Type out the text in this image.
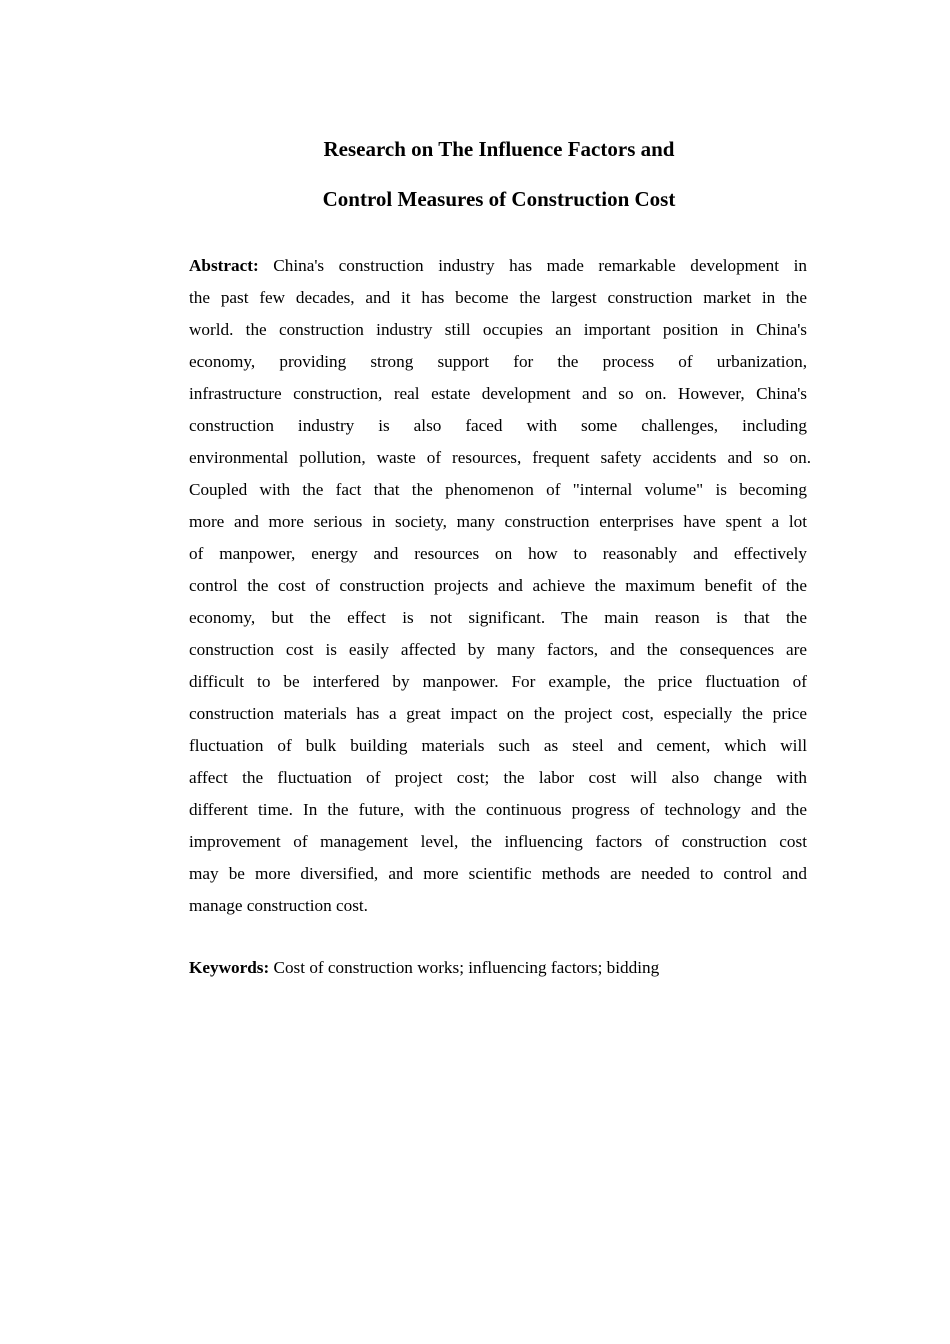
Research on The Influence Factors and
Control Measures of Construction Cost
Abstract: China's construction industry has made remarkable development in
the past few decades, and it has become the largest construction market in the
world. the construction industry still occupies an important position in China's
economy, providing strong support for the process of urbanization,
infrastructure construction, real estate development and so on. However, China's
construction industry is also faced with some challenges, including
environmental pollution, waste of resources, frequent safety accidents and so on.
Coupled with the fact that the phenomenon of "internal volume" is becoming
more and more serious in society, many construction enterprises have spent a lot
of manpower, energy and resources on how to reasonably and effectively
control the cost of construction projects and achieve the maximum benefit of the
economy, but the effect is not significant. The main reason is that the
construction cost is easily affected by many factors, and the consequences are
difficult to be interfered by manpower. For example, the price fluctuation of
construction materials has a great impact on the project cost, especially the price
fluctuation of bulk building materials such as steel and cement, which will
affect the fluctuation of project cost; the labor cost will also change with
different time. In the future, with the continuous progress of technology and the
improvement of management level, the influencing factors of construction cost
may be more diversified, and more scientific methods are needed to control and
manage construction cost.
Keywords: Cost of construction works; influencing factors; bidding
